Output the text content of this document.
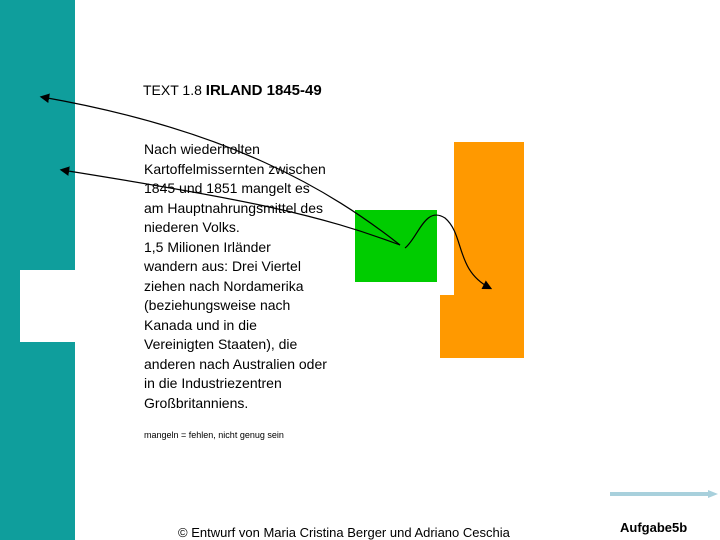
TEXT 1.8 IRLAND 1845-49
Nach wiederholten
Kartoffelmissernten zwischen
1845 und 1851 mangelt es
am Hauptnahrungsmittel des
niederen Volks.
1,5 Milionen Irländer
wandern aus: Drei Viertel
ziehen nach Nordamerika
(beziehungsweise nach
Kanada und in die
Vereinigten Staaten), die
anderen nach Australien oder
in die Industriezentren
Großbritanniens.
mangeln = fehlen, nicht genug sein
© Entwurf von Maria Cristina Berger und Adriano Ceschia	Aufgabe5b
